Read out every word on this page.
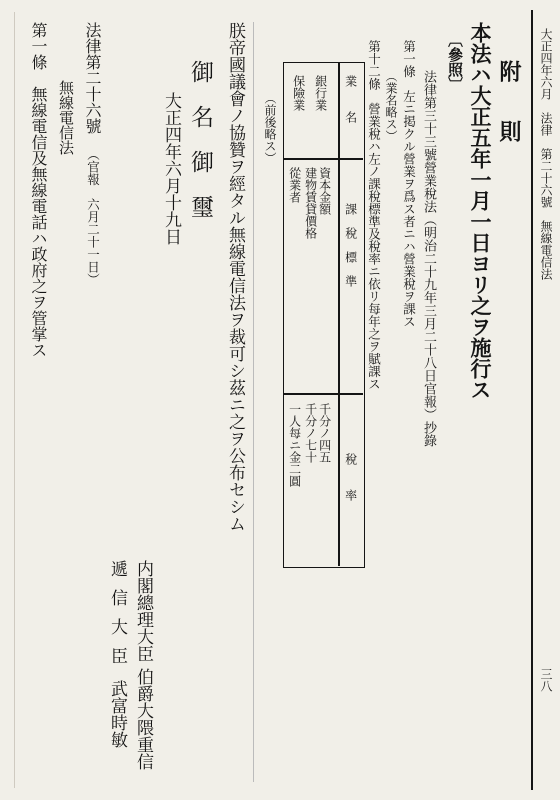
大正四年六月　法律　第二十六號　無線電信法
三八
附　則
本法ハ大正五年一月一日ヨリ之ヲ施行ス
〔參照〕
法律第三十三號營業稅法（明治二十九年三月二十八日官報）抄錄
第一條　左ニ掲クル營業ヲ爲ス者ニハ營業稅ヲ課ス
（業名略ス）
第十二條　營業稅ハ左ノ課稅標準及稅率ニ依リ每年之ヲ賦課ス
業　　名
課　稅　標　準
稅　　率
銀行業
保險業
資本金額
建物賃貸價格
從業者
千分ノ四五
千分ノ七十
一人每ニ金二圓
（前後略ス）
朕帝國議會ノ協贊ヲ經タル無線電信法ヲ裁可シ茲ニ之ヲ公布セシム
御名御璽
大正四年六月十九日
内閣總理大臣
伯爵大隈重信
遞信大臣
武富時敏
法律第二十六號
（官報　六月二十一日）
無線電信法
第一條　無線電信及無線電話ハ政府之ヲ管掌ス
